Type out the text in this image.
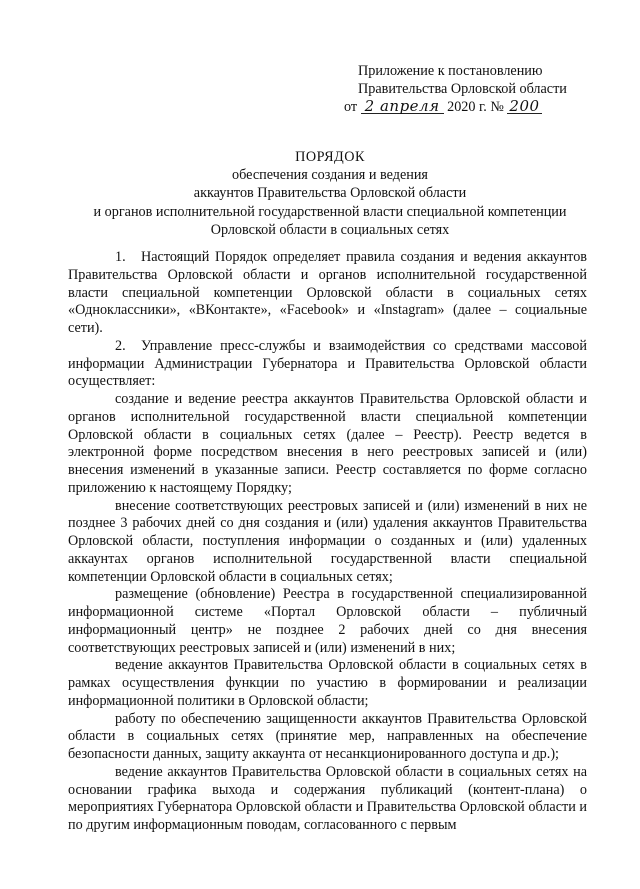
Приложение к постановлению
Правительства Орловской области
от 2 апреля 2020 г. № 200
ПОРЯДОК
обеспечения создания и ведения
аккаунтов Правительства Орловской области
и органов исполнительной государственной власти специальной компетенции
Орловской области в социальных сетях

1. Настоящий Порядок определяет правила создания и ведения аккаунтов Правительства Орловской области и органов исполнительной государственной власти специальной компетенции Орловской области в социальных сетях «Одноклассники», «ВКонтакте», «Facebook» и «Instagram» (далее – социальные сети).

2. Управление пресс-службы и взаимодействия со средствами массовой информации Администрации Губернатора и Правительства Орловской области осуществляет:

создание и ведение реестра аккаунтов Правительства Орловской области и органов исполнительной государственной власти специальной компетенции Орловской области в социальных сетях (далее – Реестр). Реестр ведется в электронной форме посредством внесения в него реестровых записей и (или) внесения изменений в указанные записи. Реестр составляется по форме согласно приложению к настоящему Порядку;

внесение соответствующих реестровых записей и (или) изменений в них не позднее 3 рабочих дней со дня создания и (или) удаления аккаунтов Правительства Орловской области, поступления информации о созданных и (или) удаленных аккаунтах органов исполнительной государственной власти специальной компетенции Орловской области в социальных сетях;

размещение (обновление) Реестра в государственной специализированной информационной системе «Портал Орловской области – публичный информационный центр» не позднее 2 рабочих дней со дня внесения соответствующих реестровых записей и (или) изменений в них;

ведение аккаунтов Правительства Орловской области в социальных сетях в рамках осуществления функции по участию в формировании и реализации информационной политики в Орловской области;

работу по обеспечению защищенности аккаунтов Правительства Орловской области в социальных сетях (принятие мер, направленных на обеспечение безопасности данных, защиту аккаунта от несанкционированного доступа и др.);

ведение аккаунтов Правительства Орловской области в социальных сетях на основании графика выхода и содержания публикаций (контент-плана) о мероприятиях Губернатора Орловской области и Правительства Орловской области и по другим информационным поводам, согласованного с первым
